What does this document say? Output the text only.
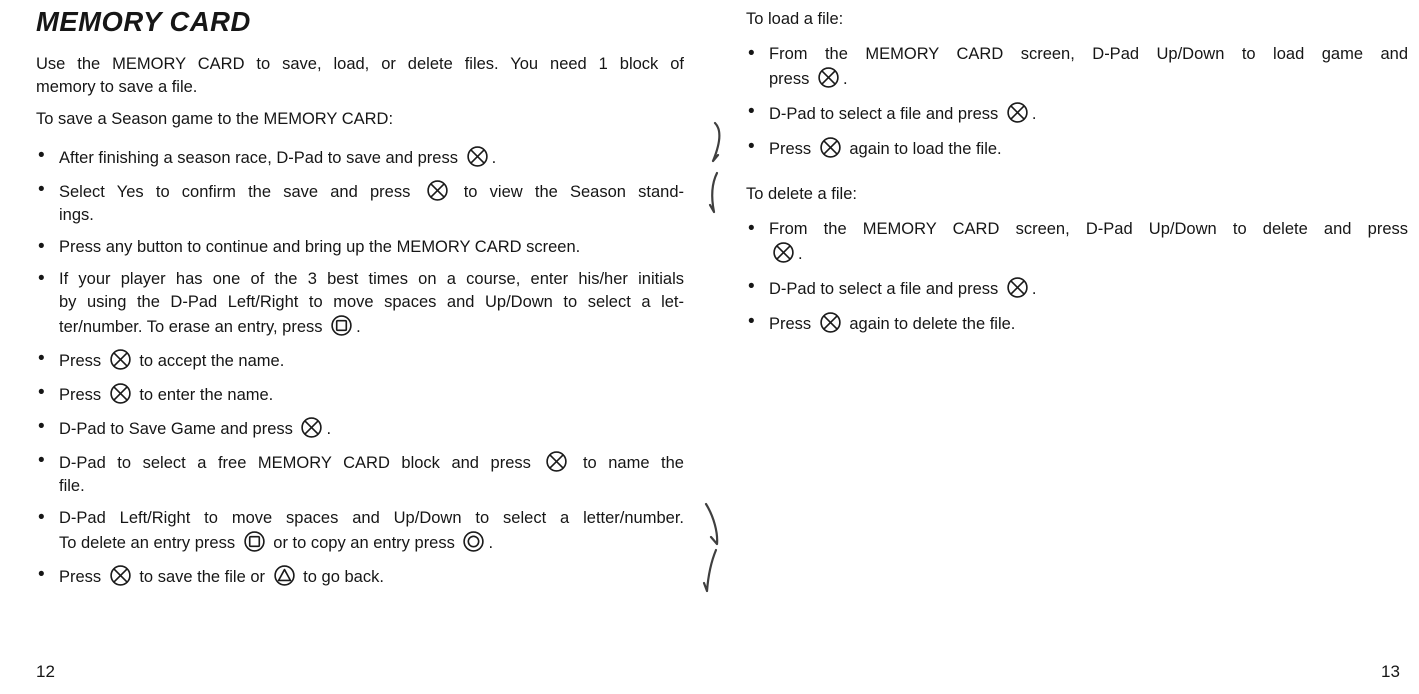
MEMORY CARD
Use the MEMORY CARD to save, load, or delete files. You need 1 block of
memory to save a file.
To save a Season game to the MEMORY CARD:
• After finishing a season race, D-Pad to save and press
.
• Select Yes to confirm the save and press
to view the Season stand-
ings.
• Press any button to continue and bring up the MEMORY CARD screen.
• If your player has one of the 3 best times on a course, enter his/her initials
by using the D-Pad Left/Right to move spaces and Up/Down to select a let-
ter/number. To erase an entry, press
.
• Press
to accept the name.
• Press
to enter the name.
• D-Pad to Save Game and press
.
• D-Pad to select a free MEMORY CARD block and press
to name the
file.
• D-Pad Left/Right to move spaces and Up/Down to select a letter/number.
To delete an entry press
or to copy an entry press
.
• Press
to save the file or
to go back.
To load a file:
• From the MEMORY CARD screen, D-Pad Up/Down to load game and
press
.
• D-Pad to select a file and press
.
• Press
again to load the file.
To delete a file:
• From the MEMORY CARD screen, D-Pad Up/Down to delete and press
.
• D-Pad to select a file and press
.
• Press
again to delete the file.
12	13
